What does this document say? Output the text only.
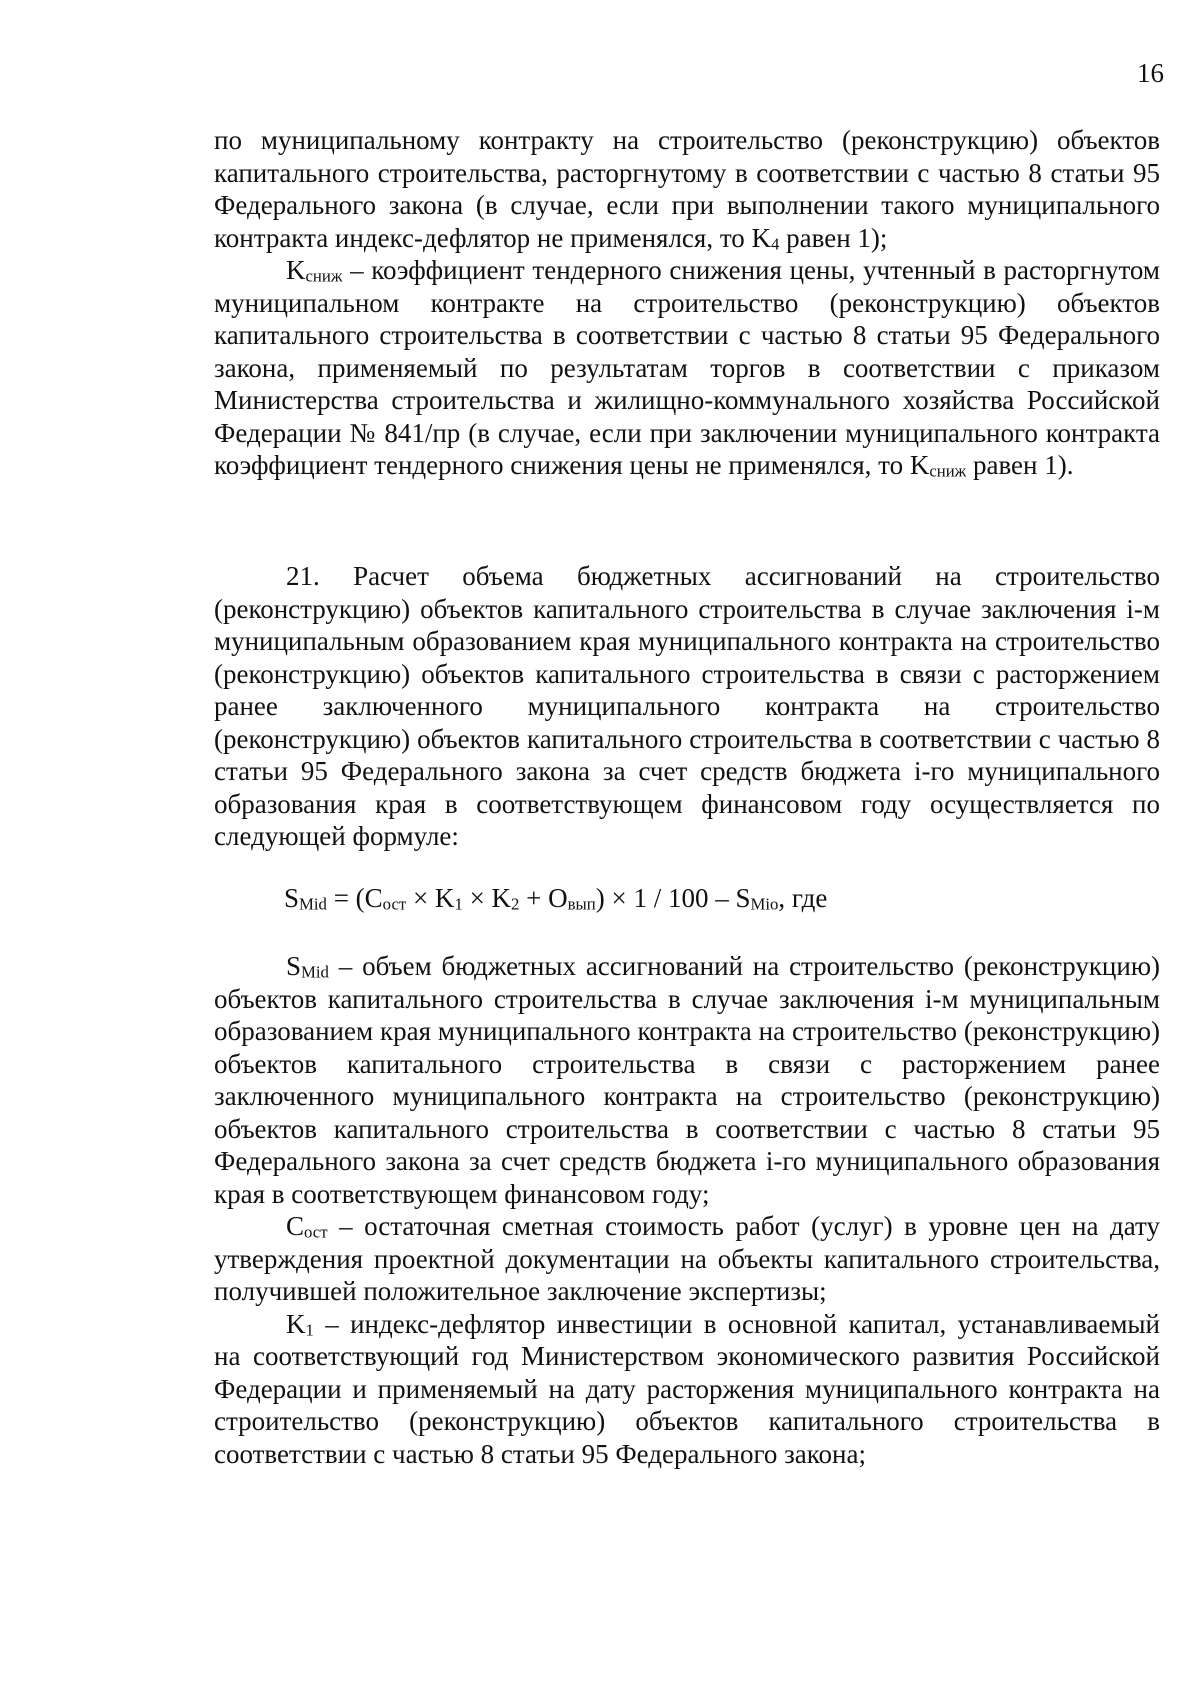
16

по муниципальному контракту на строительство (реконструкцию) объектов капитального строительства, расторгнутому в соответствии с частью 8 статьи 95 Федерального закона (в случае, если при выполнении такого муниципального контракта индекс-дефлятор не применялся, то $K_4$ равен 1);

$K_{сниж}$ – коэффициент тендерного снижения цены, учтенный в расторгнутом муниципальном контракте на строительство (реконструкцию) объектов капитального строительства в соответствии с частью 8 статьи 95 Федерального закона, применяемый по результатам торгов в соответствии с приказом Министерства строительства и жилищно-коммунального хозяйства Российской Федерации № 841/пр (в случае, если при заключении муниципального контракта коэффициент тендерного снижения цены не применялся, то $K_{сниж}$ равен 1).

21. Расчет объема бюджетных ассигнований на строительство (реконструкцию) объектов капитального строительства в случае заключения i-м муниципальным образованием края муниципального контракта на строительство (реконструкцию) объектов капитального строительства в связи с расторжением ранее заключенного муниципального контракта на строительство (реконструкцию) объектов капитального строительства в соответствии с частью 8 статьи 95 Федерального закона за счет средств бюджета i-го муниципального образования края в соответствующем финансовом году осуществляется по следующей формуле:

$S_{Mid} = (C_{ост} \times K_1 \times K_2 + O_{вып}) \times 1 / 100 - S_{Mio}$, где

$S_{Mid}$ – объем бюджетных ассигнований на строительство (реконструкцию) объектов капитального строительства в случае заключения i-м муниципальным образованием края муниципального контракта на строительство (реконструкцию) объектов капитального строительства в связи с расторжением ранее заключенного муниципального контракта на строительство (реконструкцию) объектов капитального строительства в соответствии с частью 8 статьи 95 Федерального закона за счет средств бюджета i-го муниципального образования края в соответствующем финансовом году;

$C_{ост}$ – остаточная сметная стоимость работ (услуг) в уровне цен на дату утверждения проектной документации на объекты капитального строительства, получившей положительное заключение экспертизы;

$K_1$ – индекс-дефлятор инвестиции в основной капитал, устанавливаемый на соответствующий год Министерством экономического развития Российской Федерации и применяемый на дату расторжения муниципального контракта на строительство (реконструкцию) объектов капитального строительства в соответствии с частью 8 статьи 95 Федерального закона;
